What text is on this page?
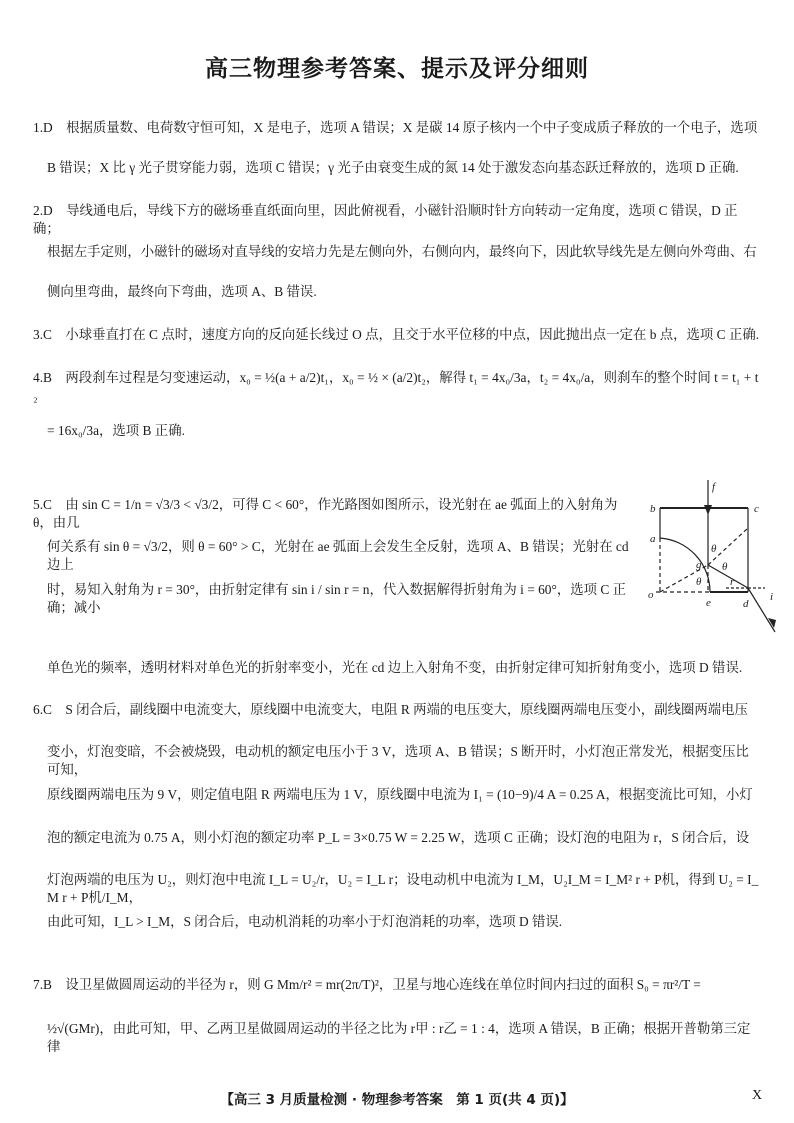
高三物理参考答案、提示及评分细则
1.D　根据质量数、电荷数守恒可知，X 是电子，选项 A 错误；X 是碳 14 原子核内一个中子变成质子释放的一个电子，选项
B 错误；X 比 γ 光子贯穿能力弱，选项 C 错误；γ 光子由衰变生成的氮 14 处于激发态向基态跃迁释放的，选项 D 正确.
2.D　导线通电后，导线下方的磁场垂直纸面向里，因此俯视看，小磁针沿顺时针方向转动一定角度，选项 C 错误，D 正确；
根据左手定则，小磁针的磁场对直导线的安培力先是左侧向外，右侧向内，最终向下，因此软导线先是左侧向外弯曲、右
侧向里弯曲，最终向下弯曲，选项 A、B 错误.
3.C　小球垂直打在 C 点时，速度方向的反向延长线过 O 点，且交于水平位移的中点，因此抛出点一定在 b 点，选项 C 正确.
4.B　两段刹车过程是匀变速运动，x₀ = ½(a + a/2)t₁，x₀ = ½ × (a/2)t₂，解得 t₁ = 4x₀/3a，t₂ = 4x₀/a，则刹车的整个时间 t = t₁ + t₂
= 16x₀/3a，选项 B 正确.
5.C　由 sin C = 1/n = √3/3 < √3/2，可得 C < 60°，作光路图如图所示，设光射在 ae 弧面上的入射角为 θ，由几
何关系有 sin θ = √3/2，则 θ = 60° > C，光射在 ae 弧面上会发生全反射，选项 A、B 错误；光射在 cd 边上
时，易知入射角为 r = 30°，由折射定律有 sin i / sin r = n，代入数据解得折射角为 i = 60°，选项 C 正确；减小
单色光的频率，透明材料对单色光的折射率变小，光在 cd 边上入射角不变，由折射定律可知折射角变小，选项 D 错误.
b	c
a
o
e	d
f
g
θ
θ
θ	r
i
6.C　S 闭合后，副线圈中电流变大，原线圈中电流变大，电阻 R 两端的电压变大，原线圈两端电压变小，副线圈两端电压
变小，灯泡变暗，不会被烧毁，电动机的额定电压小于 3 V，选项 A、B 错误；S 断开时，小灯泡正常发光，根据变压比可知，
原线圈两端电压为 9 V，则定值电阻 R 两端电压为 1 V，原线圈中电流为 I₁ = (10−9)/4 A = 0.25 A，根据变流比可知，小灯
泡的额定电流为 0.75 A，则小灯泡的额定功率 P_L = 3×0.75 W = 2.25 W，选项 C 正确；设灯泡的电阻为 r，S 闭合后，设
灯泡两端的电压为 U₂，则灯泡中电流 I_L = U₂/r，U₂ = I_L r；设电动机中电流为 I_M，U₂I_M = I_M² r + P机，得到 U₂ = I_M r + P机/I_M，
由此可知，I_L > I_M，S 闭合后，电动机消耗的功率小于灯泡消耗的功率，选项 D 错误.
7.B　设卫星做圆周运动的半径为 r，则 G Mm/r² = mr(2π/T)²，卫星与地心连线在单位时间内扫过的面积 S₀ = πr²/T =
½√(GMr)，由此可知，甲、乙两卫星做圆周运动的半径之比为 r甲 : r乙 = 1 : 4，选项 A 错误，B 正确；根据开普勒第三定律
【高三 3 月质量检测 · 物理参考答案　第 1 页(共 4 页)】	X
